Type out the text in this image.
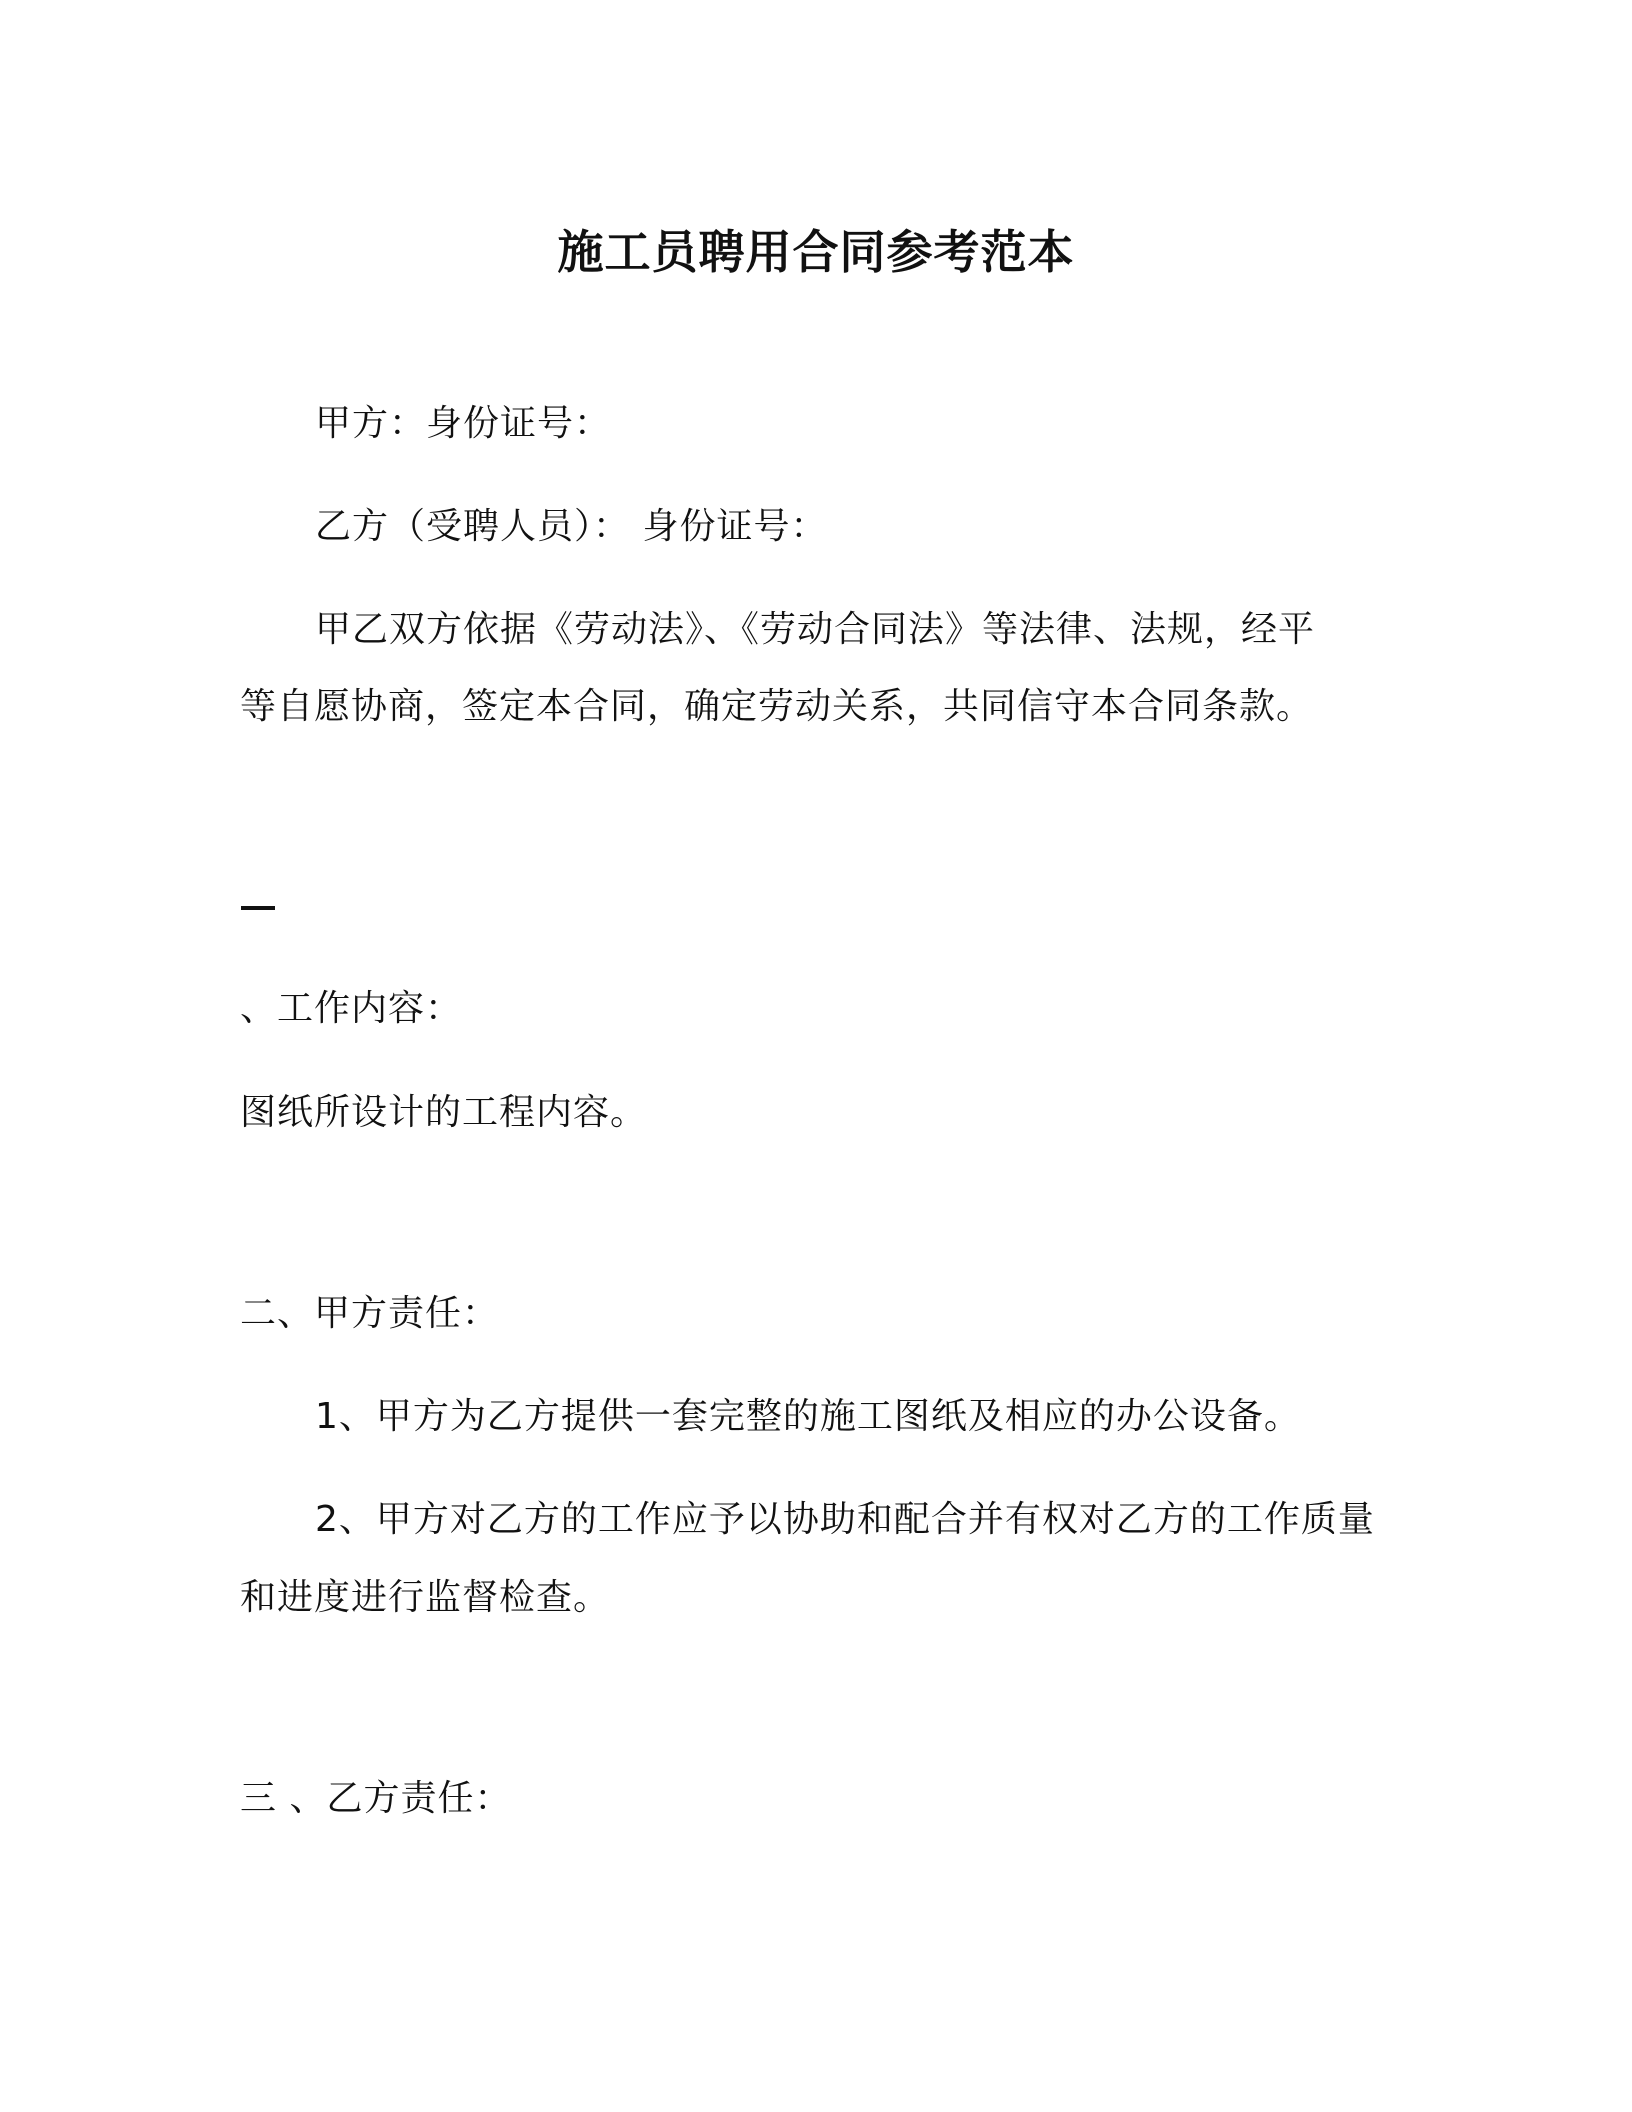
施工员聘用合同参考范本
甲方：身份证号：
乙方（受聘人员）： 身份证号：
甲乙双方依据《劳动法》、《劳动合同法》等法律、法规，经平
等自愿协商，签定本合同，确定劳动关系，共同信守本合同条款。
、工作内容：
图纸所设计的工程内容。
二、甲方责任：
1、甲方为乙方提供一套完整的施工图纸及相应的办公设备。
2、甲方对乙方的工作应予以协助和配合并有权对乙方的工作质量
和进度进行监督检查。
三 、乙方责任：
